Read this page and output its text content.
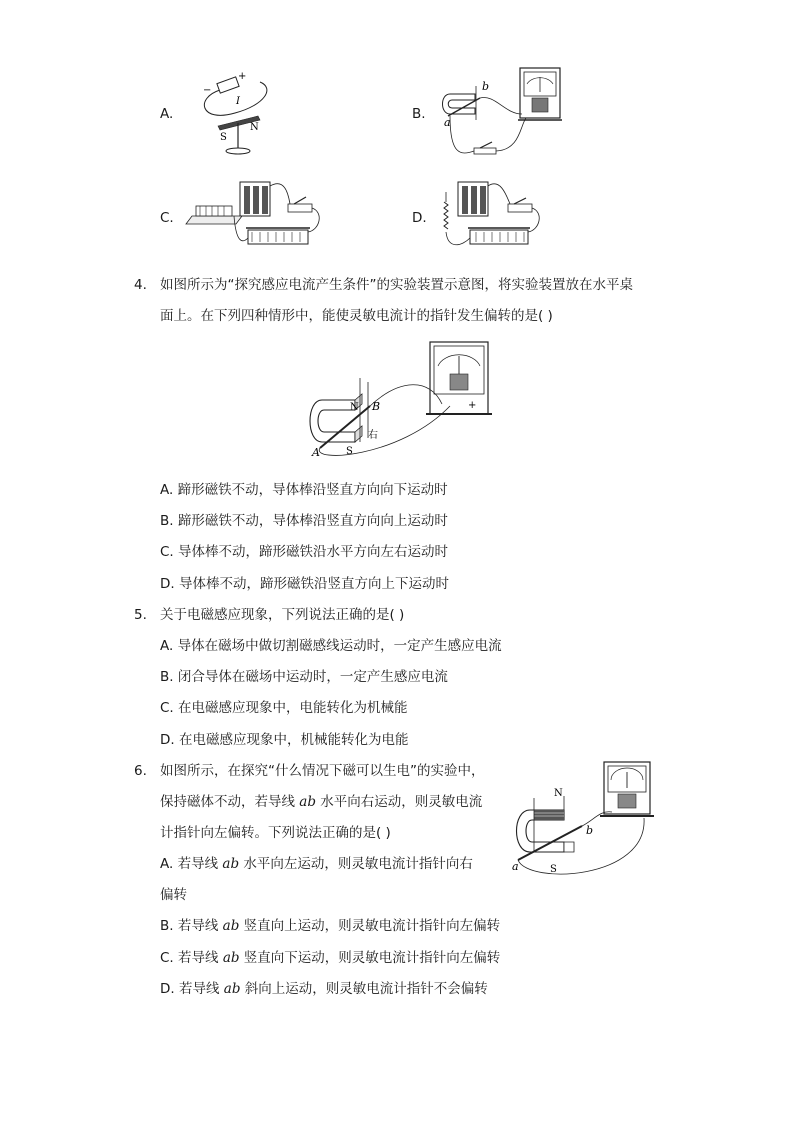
A.
+
−
I
S
N
B.
b
a
C.	D.
4. 如图所示为“探究感应电流产生条件”的实验装置示意图，将实验装置放在水平桌
面上。在下列四种情形中，能使灵敏电流计的指针发生偏转的是( )
N
S
A
B
右
+
A. 蹄形磁铁不动，导体棒沿竖直方向向下运动时
B. 蹄形磁铁不动，导体棒沿竖直方向向上运动时
C. 导体棒不动，蹄形磁铁沿水平方向左右运动时
D. 导体棒不动，蹄形磁铁沿竖直方向上下运动时
5. 关于电磁感应现象，下列说法正确的是( )
A. 导体在磁场中做切割磁感线运动时，一定产生感应电流
B. 闭合导体在磁场中运动时，一定产生感应电流
C. 在电磁感应现象中，电能转化为机械能
D. 在电磁感应现象中，机械能转化为电能
6. 如图所示，在探究“什么情况下磁可以生电”的实验中，
保持磁体不动，若导线 ab 水平向右运动，则灵敏电流
计指针向左偏转。下列说法正确的是( )
N
S
a
b
A. 若导线 ab 水平向左运动，则灵敏电流计指针向右
偏转
B. 若导线 ab 竖直向上运动，则灵敏电流计指针向左偏转
C. 若导线 ab 竖直向下运动，则灵敏电流计指针向左偏转
D. 若导线 ab 斜向上运动，则灵敏电流计指针不会偏转
